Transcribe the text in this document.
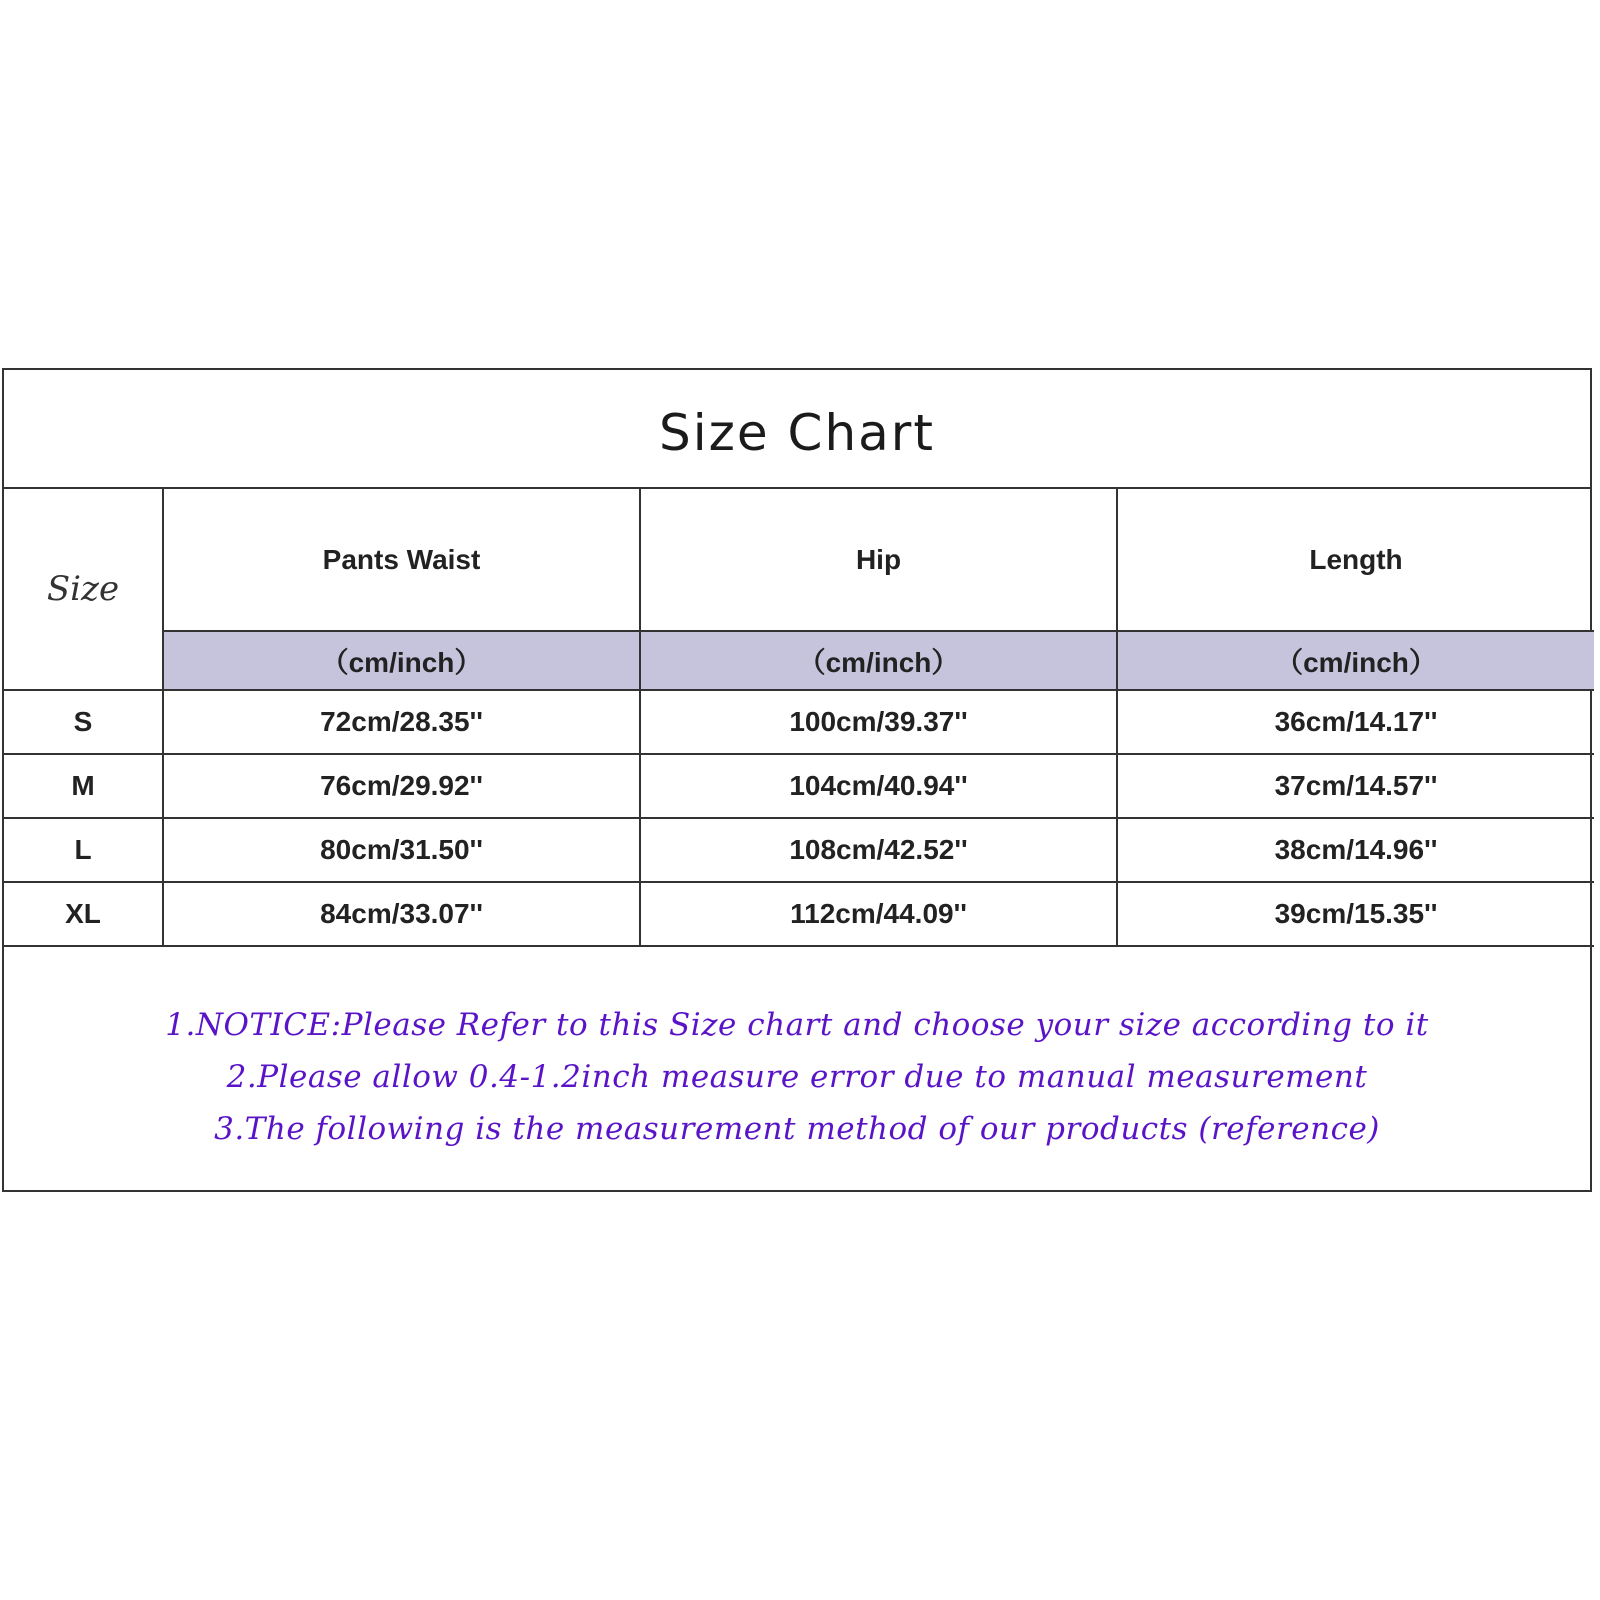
Size Chart
Size	Pants Waist	Hip	Length
	（cm/inch）	（cm/inch）	（cm/inch）
S	72cm/28.35''	100cm/39.37''	36cm/14.17''
M	76cm/29.92''	104cm/40.94''	37cm/14.57''
L	80cm/31.50''	108cm/42.52''	38cm/14.96''
XL	84cm/33.07''	112cm/44.09''	39cm/15.35''
1.NOTICE:Please Refer to this Size chart and choose your size according to it
2.Please allow 0.4-1.2inch measure error due to manual measurement
3.The following is the measurement method of our products (reference)
